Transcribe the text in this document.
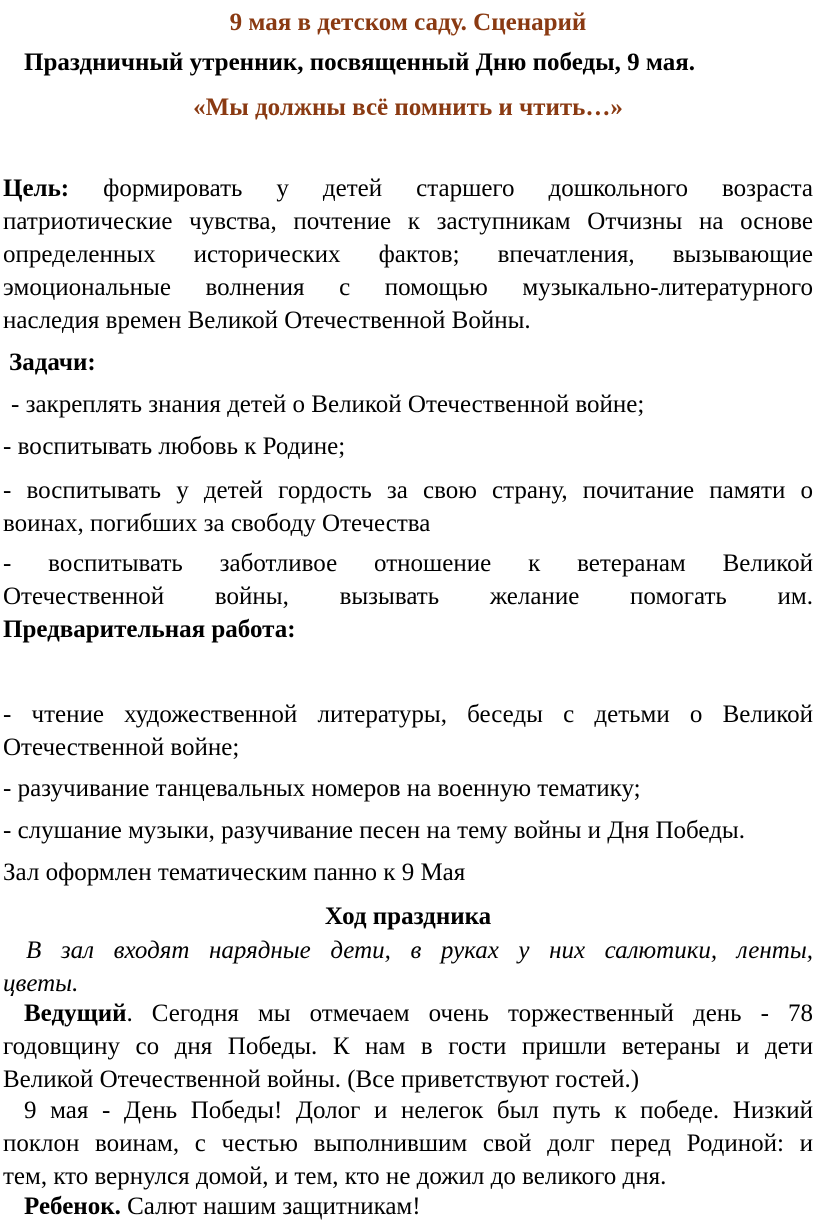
9 мая в детском саду. Сценарий
Праздничный утренник, посвященный Дню победы, 9 мая.
«Мы должны всё помнить и чтить…»
Цель: формировать у детей старшего дошкольного возраста
патриотические чувства, почтение к заступникам Отчизны на основе
определенных исторических фактов; впечатления, вызывающие
эмоциональные волнения с помощью музыкально-литературного
наследия времен Великой Отечественной Войны.
Задачи:
- закреплять знания детей о Великой Отечественной войне;
- воспитывать любовь к Родине;
- воспитывать у детей гордость за свою страну, почитание памяти о
воинах, погибших за свободу Отечества
- воспитывать заботливое отношение к ветеранам Великой
Отечественной войны, вызывать желание помогать им.
Предварительная работа:
- чтение художественной литературы, беседы с детьми о Великой
Отечественной войне;
- разучивание танцевальных номеров на военную тематику;
- слушание музыки, разучивание песен на тему войны и Дня Победы.
Зал оформлен тематическим панно к 9 Мая
Ход праздника
В зал входят нарядные дети, в руках у них салютики, ленты,
цветы.
Ведущий. Сегодня мы отмечаем очень торжественный день - 78
годовщину со дня Победы. К нам в гости пришли ветераны и дети
Великой Отечественной войны. (Все приветствуют гостей.)
9 мая - День Победы! Долог и нелегок был путь к победе. Низкий
поклон воинам, с честью выполнившим свой долг перед Родиной: и
тем, кто вернулся домой, и тем, кто не дожил до великого дня.
Ребенок. Салют нашим защитникам!
